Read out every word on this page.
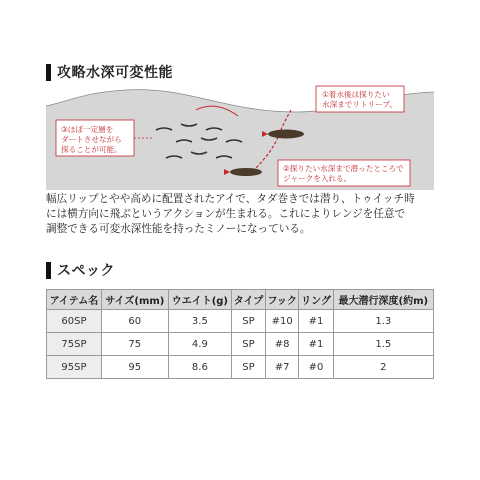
攻略水深可変性能
①着水後は探りたい
水深までリトリーブ。
②探りたい水深まで潜ったところで
ジャークを入れる。
③ほぼ一定層を
ダートさせながら
探ることが可能。

幅広リップとやや高めに配置されたアイで、タダ巻きでは潜り、トゥイッチ時
には横方向に飛ぶというアクションが生まれる。これによりレンジを任意で
調整できる可変水深性能を持ったミノーになっている。

スペック
アイテム名	サイズ(mm)	ウエイト(g)	タイプ	フック	リング	最大潜行深度(約m)
60SP	60	3.5	SP	#10	#1	1.3
75SP	75	4.9	SP	#8	#1	1.5
95SP	95	8.6	SP	#7	#0	2
